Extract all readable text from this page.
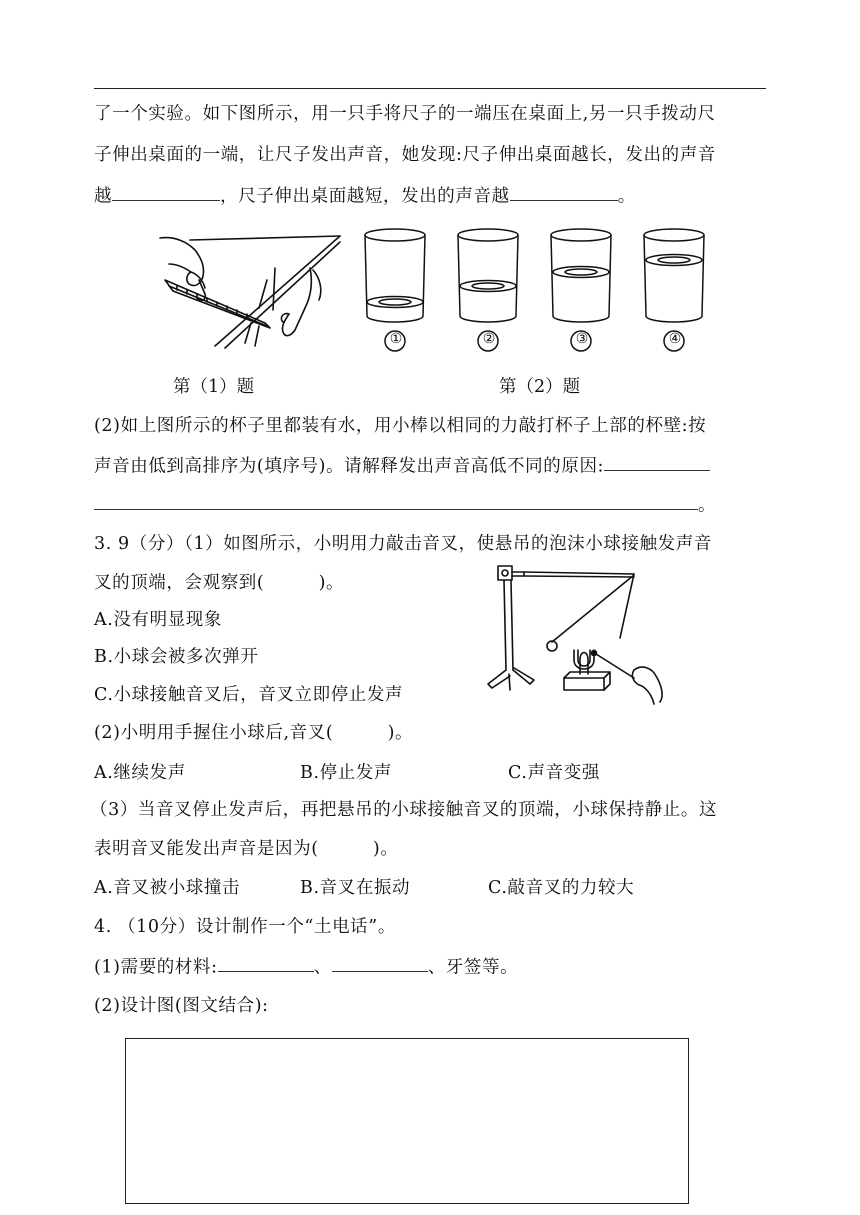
了一个实验。如下图所示，用一只手将尺子的一端压在桌面上,另一只手拨动尺
子伸出桌面的一端，让尺子发出声音，她发现:尺子伸出桌面越长，发出的声音
越	，尺子伸出桌面越短，发出的声音越	。
①	②	③	④
第（1）题	第（2）题
(2)如上图所示的杯子里都装有水，用小棒以相同的力敲打杯子上部的杯壁:按
声音由低到高排序为(填序号)。请解释发出声音高低不同的原因:
。
3. 9（分）（1）如图所示，小明用力敲击音叉，使悬吊的泡沫小球接触发声音
叉的顶端，会观察到(　　　)。
A.没有明显现象
B.小球会被多次弹开
C.小球接触音叉后，音叉立即停止发声
(2)小明用手握住小球后,音叉(　　　)。
A.继续发声	B.停止发声	C.声音变强
（3）当音叉停止发声后，再把悬吊的小球接触音叉的顶端，小球保持静止。这
表明音叉能发出声音是因为(　　　)。
A.音叉被小球撞击	B.音叉在振动	C.敲音叉的力较大
4. （10分）设计制作一个“土电话”。
(1)需要的材料:	、	、牙签等。
(2)设计图(图文结合):
